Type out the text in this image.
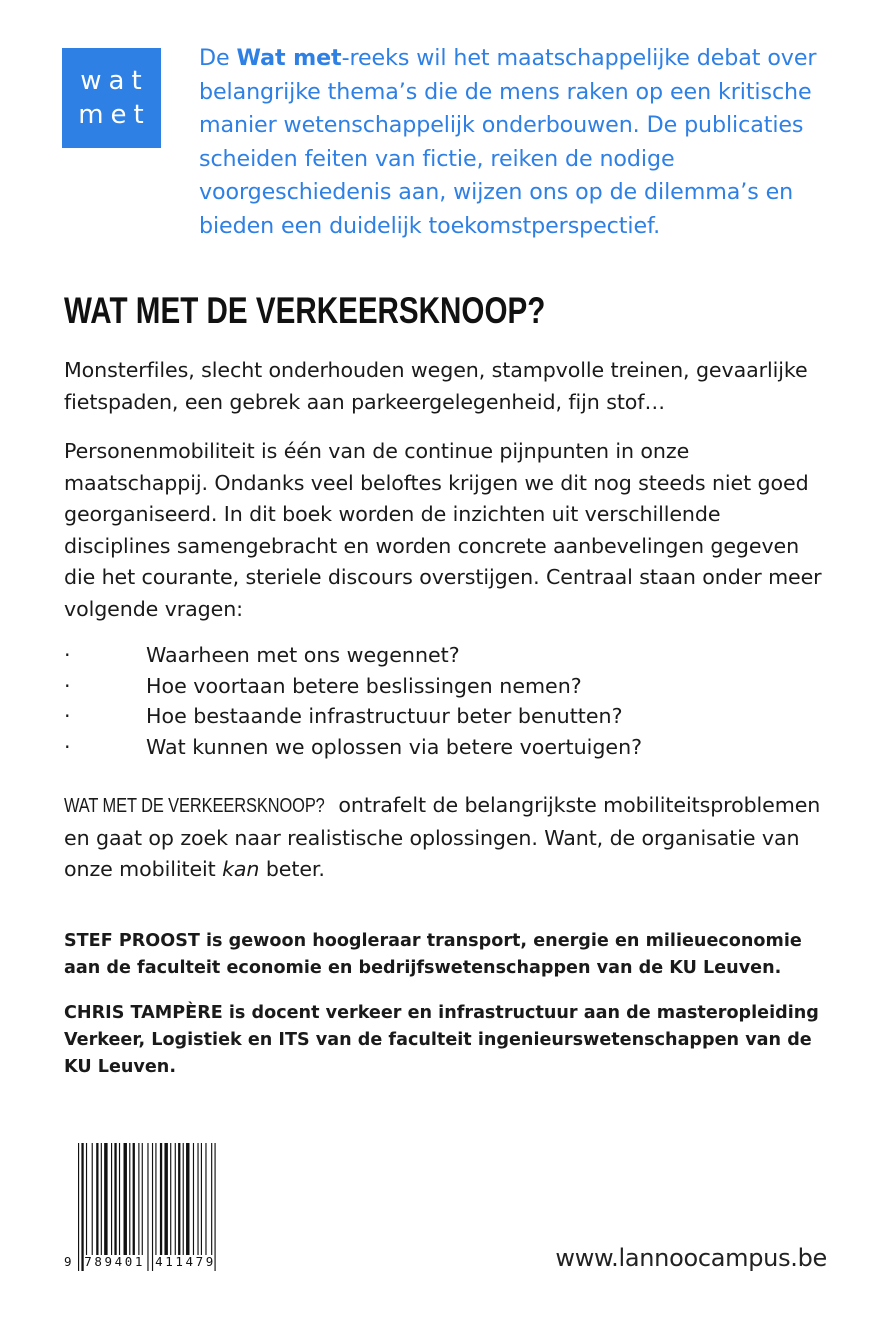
wat
met

De Wat met-reeks wil het maatschappelijke debat over belangrijke thema’s die de mens raken op een kritische manier wetenschappelijk onderbouwen. De publicaties scheiden feiten van fictie, reiken de nodige voorgeschiedenis aan, wijzen ons op de dilemma’s en bieden een duidelijk toekomstperspectief.

WAT MET DE VERKEERSKNOOP?

Monsterfiles, slecht onderhouden wegen, stampvolle treinen, gevaarlijke fietspaden, een gebrek aan parkeergelegenheid, fijn stof…

Personenmobiliteit is één van de continue pijnpunten in onze maatschappij. Ondanks veel beloftes krijgen we dit nog steeds niet goed georganiseerd. In dit boek worden de inzichten uit verschillende disciplines samengebracht en worden concrete aanbevelingen gegeven die het courante, steriele discours overstijgen. Centraal staan onder meer volgende vragen:

·	Waarheen met ons wegennet?
·	Hoe voortaan betere beslissingen nemen?
·	Hoe bestaande infrastructuur beter benutten?
·	Wat kunnen we oplossen via betere voertuigen?

WAT MET DE VERKEERSKNOOP? ontrafelt de belangrijkste mobiliteitsproblemen en gaat op zoek naar realistische oplossingen. Want, de organisatie van onze mobiliteit kan beter.

STEF PROOST is gewoon hoogleraar transport, energie en milieueconomie aan de faculteit economie en bedrijfswetenschappen van de KU Leuven.

CHRIS TAMPÈRE is docent verkeer en infrastructuur aan de masteropleiding Verkeer, Logistiek en ITS van de faculteit ingenieurswetenschappen van de KU Leuven.

9 789401 411479	www.lannoocampus.be
